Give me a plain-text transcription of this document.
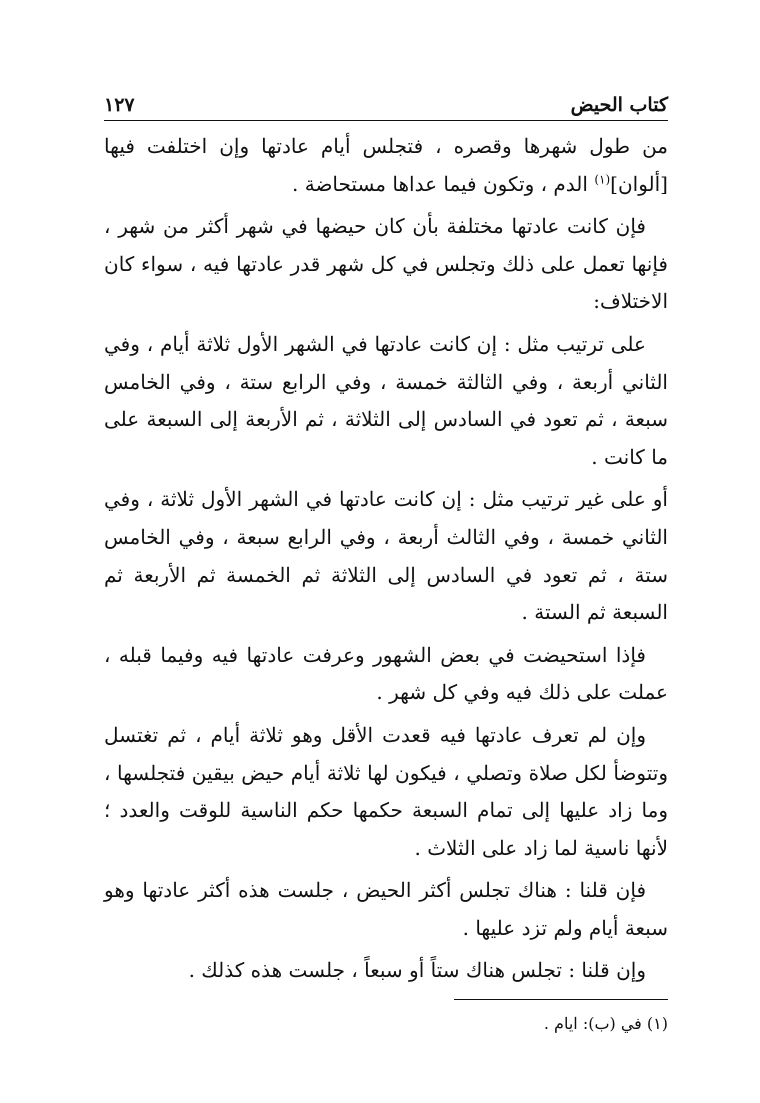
كتاب الحيض
١٢٧

من طول شهرها وقصره ، فتجلس أيام عادتها وإن اختلفت فيها [ألوان]$^{(١)}$ الدم ، وتكون فيما عداها مستحاضة .

فإن كانت عادتها مختلفة بأن كان حيضها في شهر أكثر من شهر ، فإنها تعمل على ذلك وتجلس في كل شهر قدر عادتها فيه ، سواء كان الاختلاف:

على ترتيب مثل : إن كانت عادتها في الشهر الأول ثلاثة أيام ، وفي الثاني أربعة ، وفي الثالثة خمسة ، وفي الرابع ستة ، وفي الخامس سبعة ، ثم تعود في السادس إلى الثلاثة ، ثم الأربعة إلى السبعة على ما كانت .

أو على غير ترتيب مثل : إن كانت عادتها في الشهر الأول ثلاثة ، وفي الثاني خمسة ، وفي الثالث أربعة ، وفي الرابع سبعة ، وفي الخامس ستة ، ثم تعود في السادس إلى الثلاثة ثم الخمسة ثم الأربعة ثم السبعة ثم الستة .

فإذا استحيضت في بعض الشهور وعرفت عادتها فيه وفيما قبله ، عملت على ذلك فيه وفي كل شهر .

وإن لم تعرف عادتها فيه قعدت الأقل وهو ثلاثة أيام ، ثم تغتسل وتتوضأ لكل صلاة وتصلي ، فيكون لها ثلاثة أيام حيض بيقين فتجلسها ، وما زاد عليها إلى تمام السبعة حكمها حكم الناسية للوقت والعدد ؛ لأنها ناسية لما زاد على الثلاث .

فإن قلنا : هناك تجلس أكثر الحيض ، جلست هذه أكثر عادتها وهو سبعة أيام ولم تزد عليها .

وإن قلنا : تجلس هناك ستاً أو سبعاً ، جلست هذه كذلك .

(١) في (ب): ايام .
